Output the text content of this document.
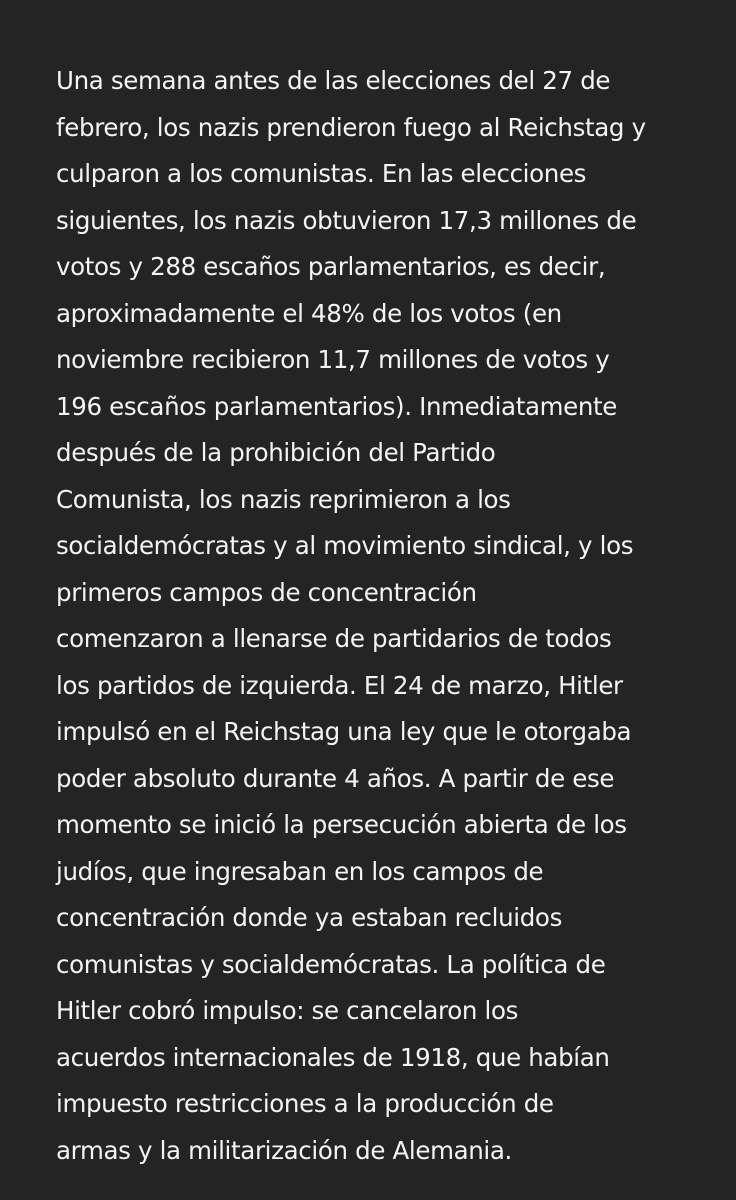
Una semana antes de las elecciones del 27 de
febrero, los nazis prendieron fuego al Reichstag y
culparon a los comunistas. En las elecciones
siguientes, los nazis obtuvieron 17,3 millones de
votos y 288 escaños parlamentarios, es decir,
aproximadamente el 48% de los votos (en
noviembre recibieron 11,7 millones de votos y
196 escaños parlamentarios). Inmediatamente
después de la prohibición del Partido
Comunista, los nazis reprimieron a los
socialdemócratas y al movimiento sindical, y los
primeros campos de concentración
comenzaron a llenarse de partidarios de todos
los partidos de izquierda. El 24 de marzo, Hitler
impulsó en el Reichstag una ley que le otorgaba
poder absoluto durante 4 años. A partir de ese
momento se inició la persecución abierta de los
judíos, que ingresaban en los campos de
concentración donde ya estaban recluidos
comunistas y socialdemócratas. La política de
Hitler cobró impulso: se cancelaron los
acuerdos internacionales de 1918, que habían
impuesto restricciones a la producción de
armas y la militarización de Alemania.
